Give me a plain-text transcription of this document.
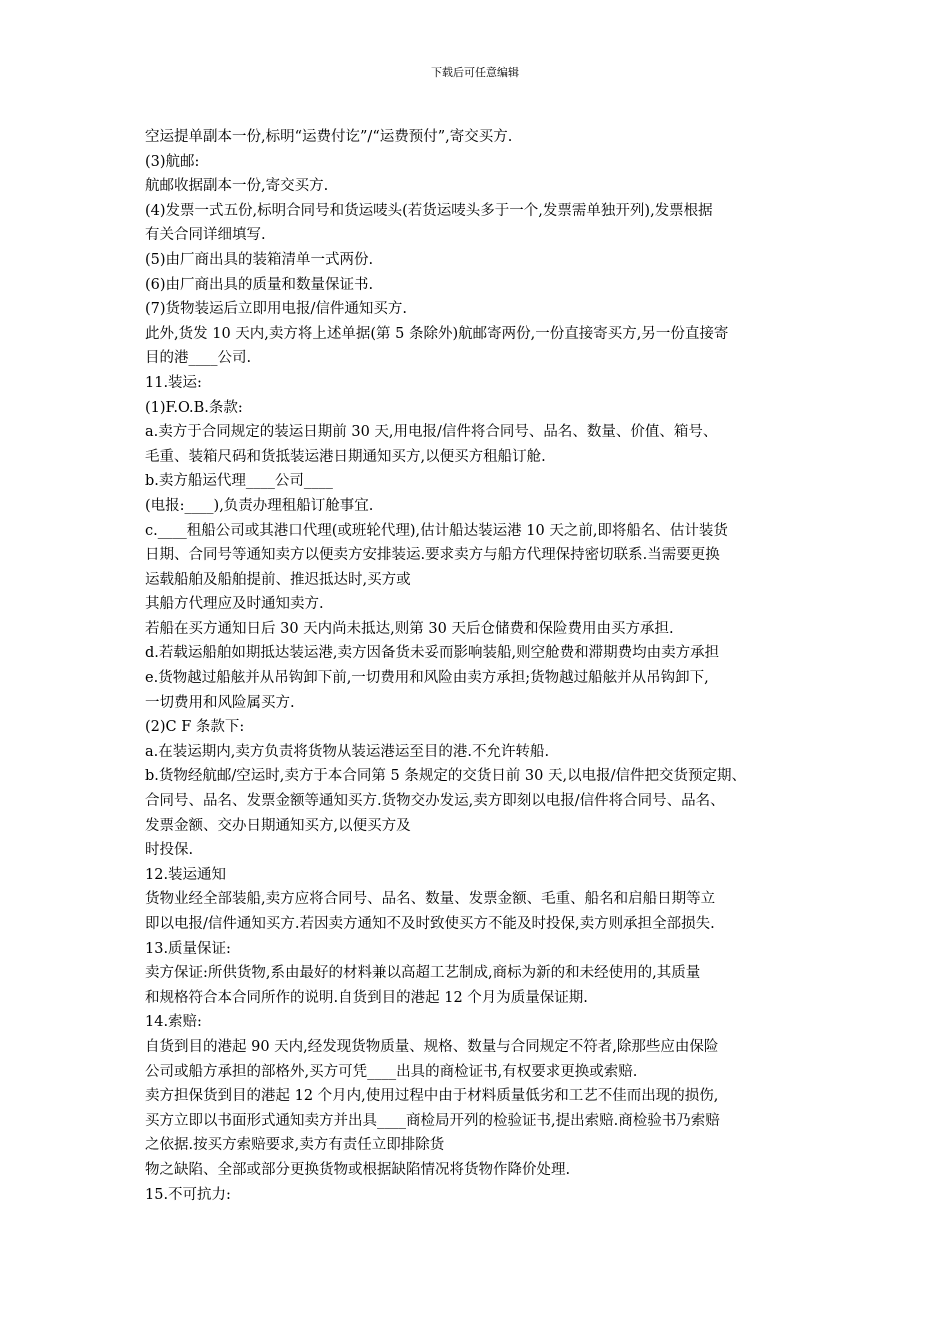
下载后可任意编辑

空运提单副本一份,标明“运费付讫”/“运费预付”,寄交买方.

(3)航邮:

航邮收据副本一份,寄交买方.

(4)发票一式五份,标明合同号和货运唛头(若货运唛头多于一个,发票需单独开列),发票根据
有关合同详细填写.

(5)由厂商出具的装箱清单一式两份.

(6)由厂商出具的质量和数量保证书.

(7)货物装运后立即用电报/信件通知买方.

此外,货发 10 天内,卖方将上述单据(第 5 条除外)航邮寄两份,一份直接寄买方,另一份直接寄
目的港____公司.

11.装运:

(1)F.O.B.条款:

a.卖方于合同规定的装运日期前 30 天,用电报/信件将合同号、品名、数量、价值、箱号、
毛重、装箱尺码和货抵装运港日期通知买方,以便买方租船订舱.

b.卖方船运代理____公司____

(电报:____),负责办理租船订舱事宜.

c.____租船公司或其港口代理(或班轮代理),估计船达装运港 10 天之前,即将船名、估计装货
日期、合同号等通知卖方以便卖方安排装运.要求卖方与船方代理保持密切联系.当需要更换
运载船舶及船舶提前、推迟抵达时,买方或

其船方代理应及时通知卖方.

若船在买方通知日后 30 天内尚未抵达,则第 30 天后仓储费和保险费用由买方承担.

d.若载运船舶如期抵达装运港,卖方因备货未妥而影响装船,则空舱费和滞期费均由卖方承担

e.货物越过船舷并从吊钩卸下前,一切费用和风险由卖方承担;货物越过船舷并从吊钩卸下,
一切费用和风险属买方.

(2)C F 条款下:

a.在装运期内,卖方负责将货物从装运港运至目的港.不允许转船.

b.货物经航邮/空运时,卖方于本合同第 5 条规定的交货日前 30 天,以电报/信件把交货预定期、
合同号、品名、发票金额等通知买方.货物交办发运,卖方即刻以电报/信件将合同号、品名、
发票金额、交办日期通知买方,以便买方及

时投保.

12.装运通知

货物业经全部装船,卖方应将合同号、品名、数量、发票金额、毛重、船名和启船日期等立
即以电报/信件通知买方.若因卖方通知不及时致使买方不能及时投保,卖方则承担全部损失.

13.质量保证:

卖方保证:所供货物,系由最好的材料兼以高超工艺制成,商标为新的和未经使用的,其质量
和规格符合本合同所作的说明.自货到目的港起 12 个月为质量保证期.

14.索赔:

自货到目的港起 90 天内,经发现货物质量、规格、数量与合同规定不符者,除那些应由保险
公司或船方承担的部格外,买方可凭____出具的商检证书,有权要求更换或索赔.

卖方担保货到目的港起 12 个月内,使用过程中由于材料质量低劣和工艺不佳而出现的损伤,
买方立即以书面形式通知卖方并出具____商检局开列的检验证书,提出索赔.商检验书乃索赔
之依据.按买方索赔要求,卖方有责任立即排除货

物之缺陷、全部或部分更换货物或根据缺陷情况将货物作降价处理.

15.不可抗力:
